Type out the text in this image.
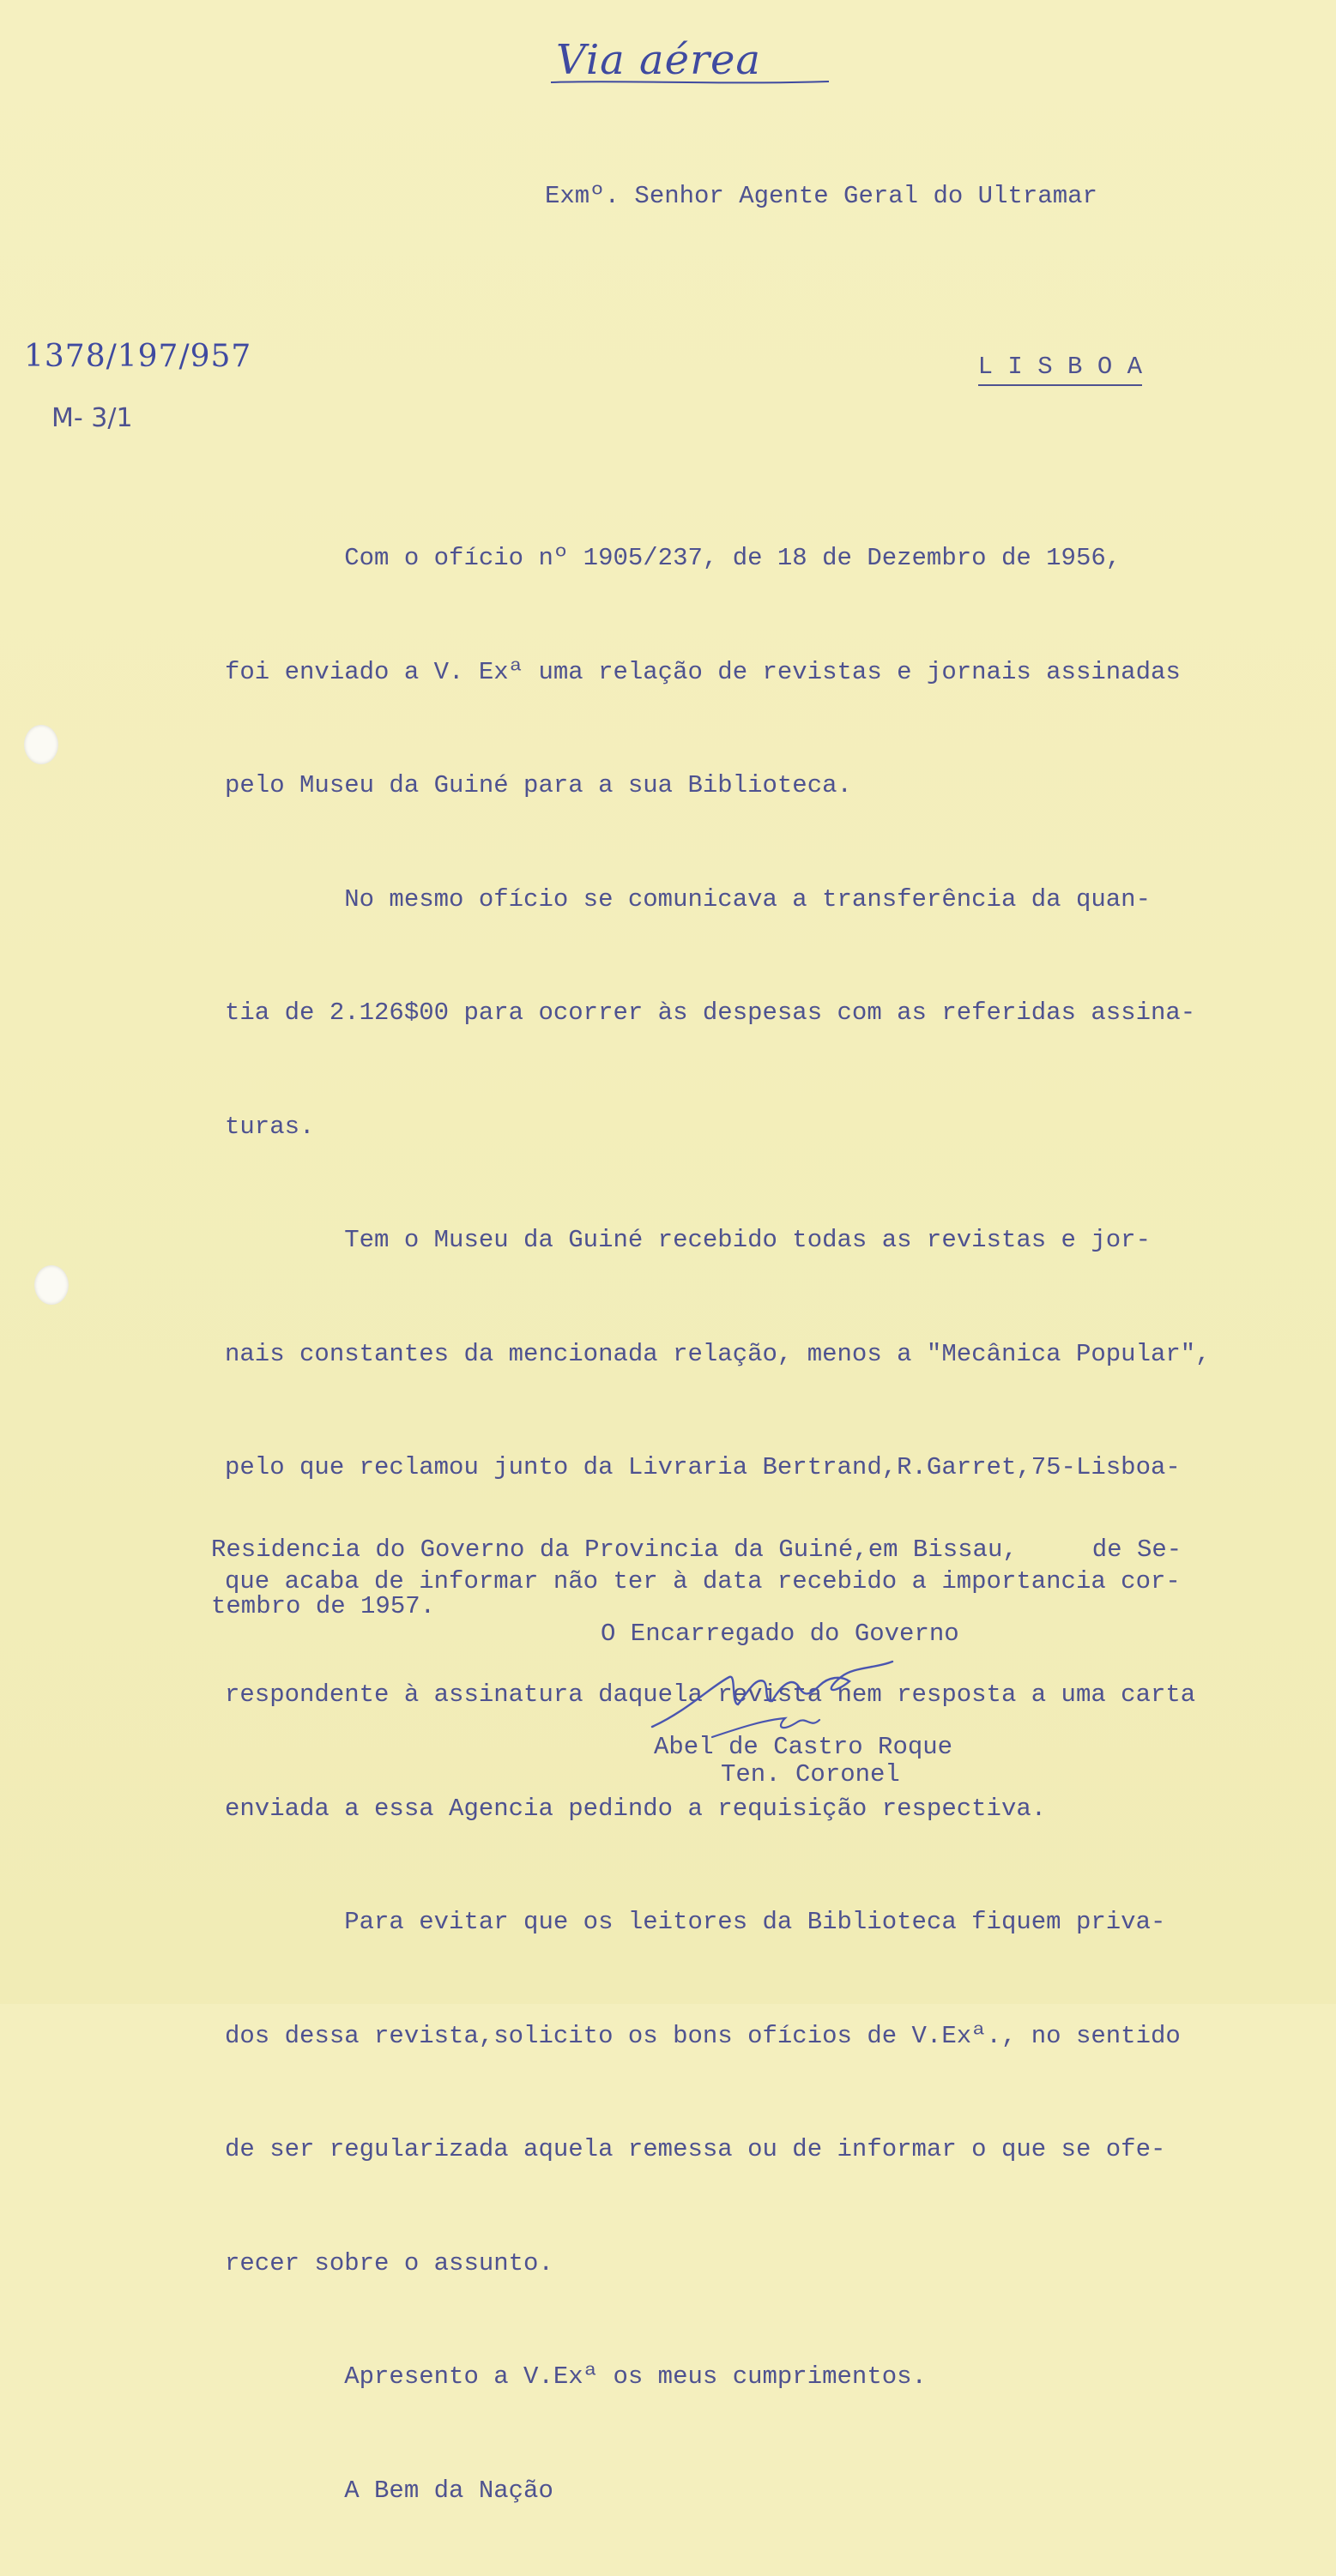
Via aérea
Exmº. Senhor Agente Geral do Ultramar

L I S B O A

1378/197/957
M- 3/1

Com o ofício nº 1905/237, de 18 de Dezembro de 1956,

foi enviado a V. Exª uma relação de revistas e jornais assinadas

pelo Museu da Guiné para a sua Biblioteca.

No mesmo ofício se comunicava a transferência da quan-

tia de 2.126$00 para ocorrer às despesas com as referidas assina-

turas.

Tem o Museu da Guiné recebido todas as revistas e jor-

nais constantes da mencionada relação, menos a "Mecânica Popular",

pelo que reclamou junto da Livraria Bertrand,R.Garret,75-Lisboa-

que acaba de informar não ter à data recebido a importancia cor-

respondente à assinatura daquela revista nem resposta a uma carta

enviada a essa Agencia pedindo a requisição respectiva.

Para evitar que os leitores da Biblioteca fiquem priva-

dos dessa revista,solicito os bons ofícios de V.Exª., no sentido

de ser regularizada aquela remessa ou de informar o que se ofe-

recer sobre o assunto.

Apresento a V.Exª os meus cumprimentos.

A Bem da Nação

Residencia do Governo da Provincia da Guiné,em Bissau,     de Se-
tembro de 1957.
O Encarregado do Governo
Abel de Castro Roque
Ten. Coronel
